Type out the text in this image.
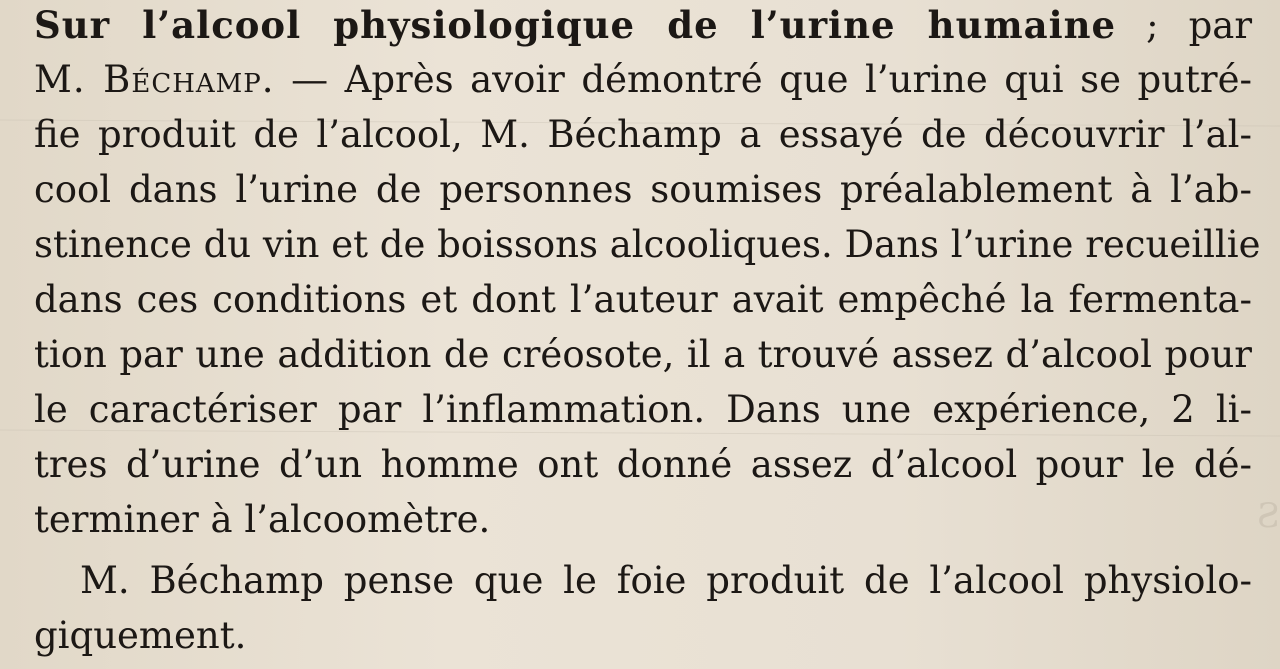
S
Sur l’alcool physiologique de l’urine humaine ; par
M. Béchamp. — Après avoir démontré que l’urine qui se putré-
fie produit de l’alcool, M. Béchamp a essayé de découvrir l’al-
cool dans l’urine de personnes soumises préalablement à l’ab-
stinence du vin et de boissons alcooliques. Dans l’urine recueillie
dans ces conditions et dont l’auteur avait empêché la fermenta-
tion par une addition de créosote, il a trouvé assez d’alcool pour
le caractériser par l’inflammation. Dans une expérience, 2 li-
tres d’urine d’un homme ont donné assez d’alcool pour le dé-
terminer à l’alcoomètre.
M. Béchamp pense que le foie produit de l’alcool physiolo-
giquement.
